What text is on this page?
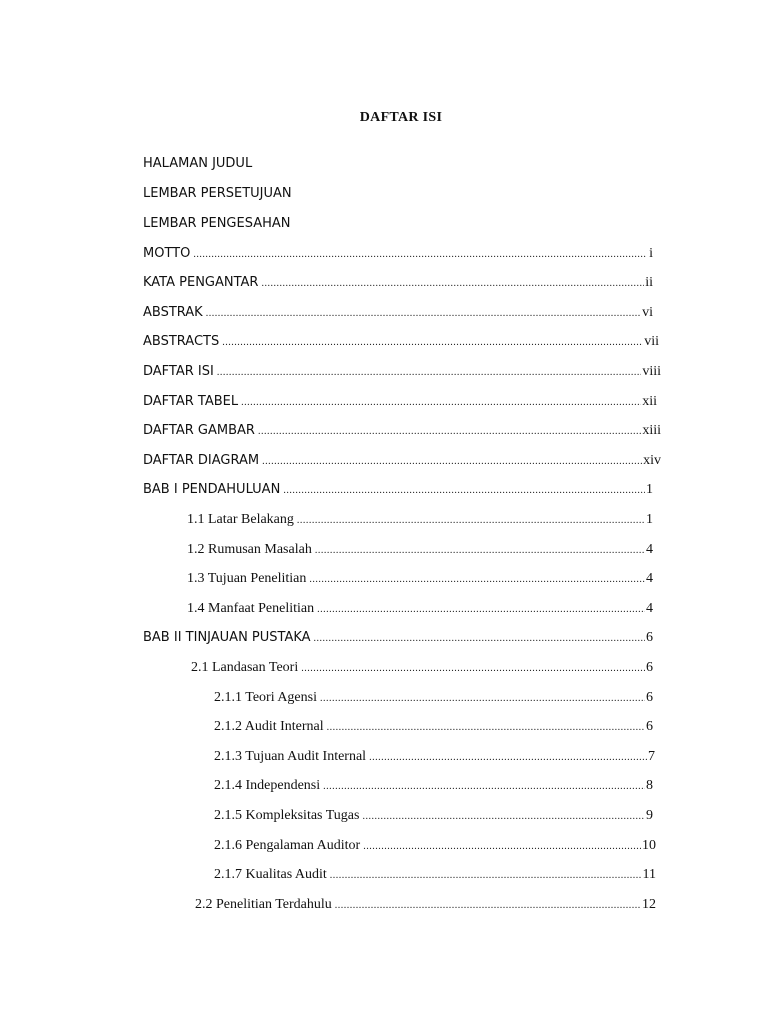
DAFTAR ISI
HALAMAN JUDUL
LEMBAR PERSETUJUAN
LEMBAR PENGESAHAN
MOTTO .....	i
KATA PENGANTAR .....	ii
ABSTRAK .....	vi
ABSTRACTS .....	vii
DAFTAR ISI .....	viii
DAFTAR TABEL .....	xii
DAFTAR GAMBAR .....	xiii
DAFTAR DIAGRAM .....	xiv
BAB I PENDAHULUAN .....	1
1.1 Latar Belakang .....	1
1.2 Rumusan Masalah .....	4
1.3 Tujuan Penelitian .....	4
1.4 Manfaat Penelitian .....	4
BAB II TINJAUAN PUSTAKA .....	6
2.1 Landasan Teori .....	6
2.1.1 Teori Agensi .....	6
2.1.2 Audit Internal .....	6
2.1.3 Tujuan Audit Internal .....	7
2.1.4 Independensi .....	8
2.1.5 Kompleksitas Tugas .....	9
2.1.6 Pengalaman Auditor .....	10
2.1.7 Kualitas Audit .....	11
2.2 Penelitian Terdahulu .....	12
